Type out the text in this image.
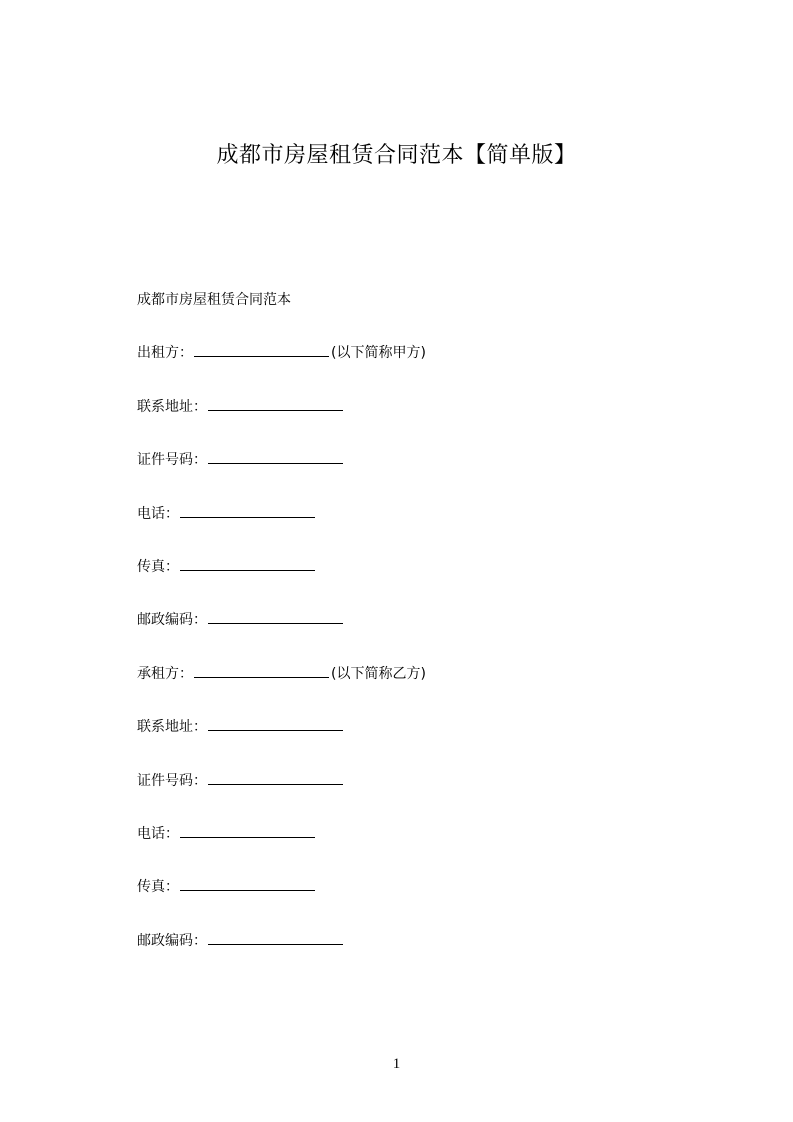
成都市房屋租赁合同范本【简单版】
成都市房屋租赁合同范本
出租方：	(以下简称甲方)
联系地址：
证件号码：
电话：
传真：
邮政编码：
承租方：	(以下简称乙方)
联系地址：
证件号码：
电话：
传真：
邮政编码：
1
